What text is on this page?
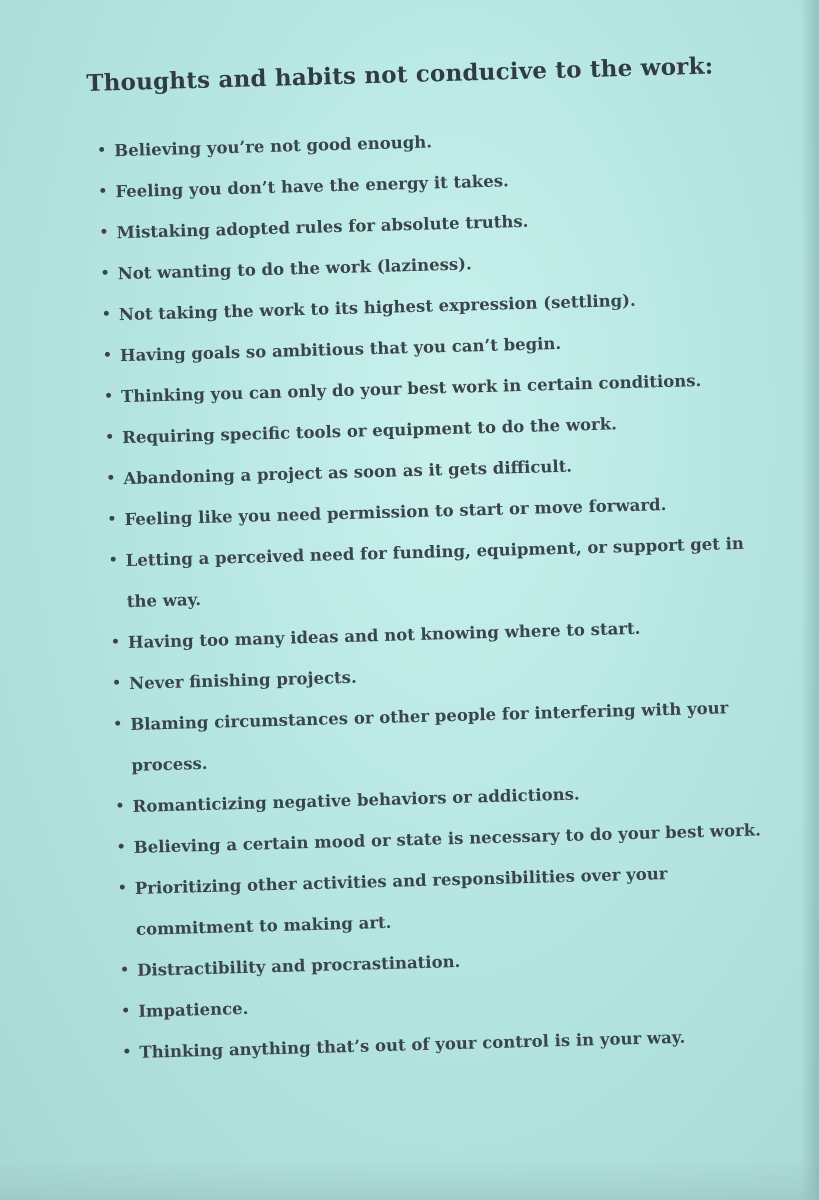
Thoughts and habits not conducive to the work:
• Believing you’re not good enough.
• Feeling you don’t have the energy it takes.
• Mistaking adopted rules for absolute truths.
• Not wanting to do the work (laziness).
• Not taking the work to its highest expression (settling).
• Having goals so ambitious that you can’t begin.
• Thinking you can only do your best work in certain conditions.
• Requiring specific tools or equipment to do the work.
• Abandoning a project as soon as it gets difficult.
• Feeling like you need permission to start or move forward.
• Letting a perceived need for funding, equipment, or support get in the way.
• Having too many ideas and not knowing where to start.
• Never finishing projects.
• Blaming circumstances or other people for interfering with your process.
• Romanticizing negative behaviors or addictions.
• Believing a certain mood or state is necessary to do your best work.
• Prioritizing other activities and responsibilities over your commitment to making art.
• Distractibility and procrastination.
• Impatience.
• Thinking anything that’s out of your control is in your way.
